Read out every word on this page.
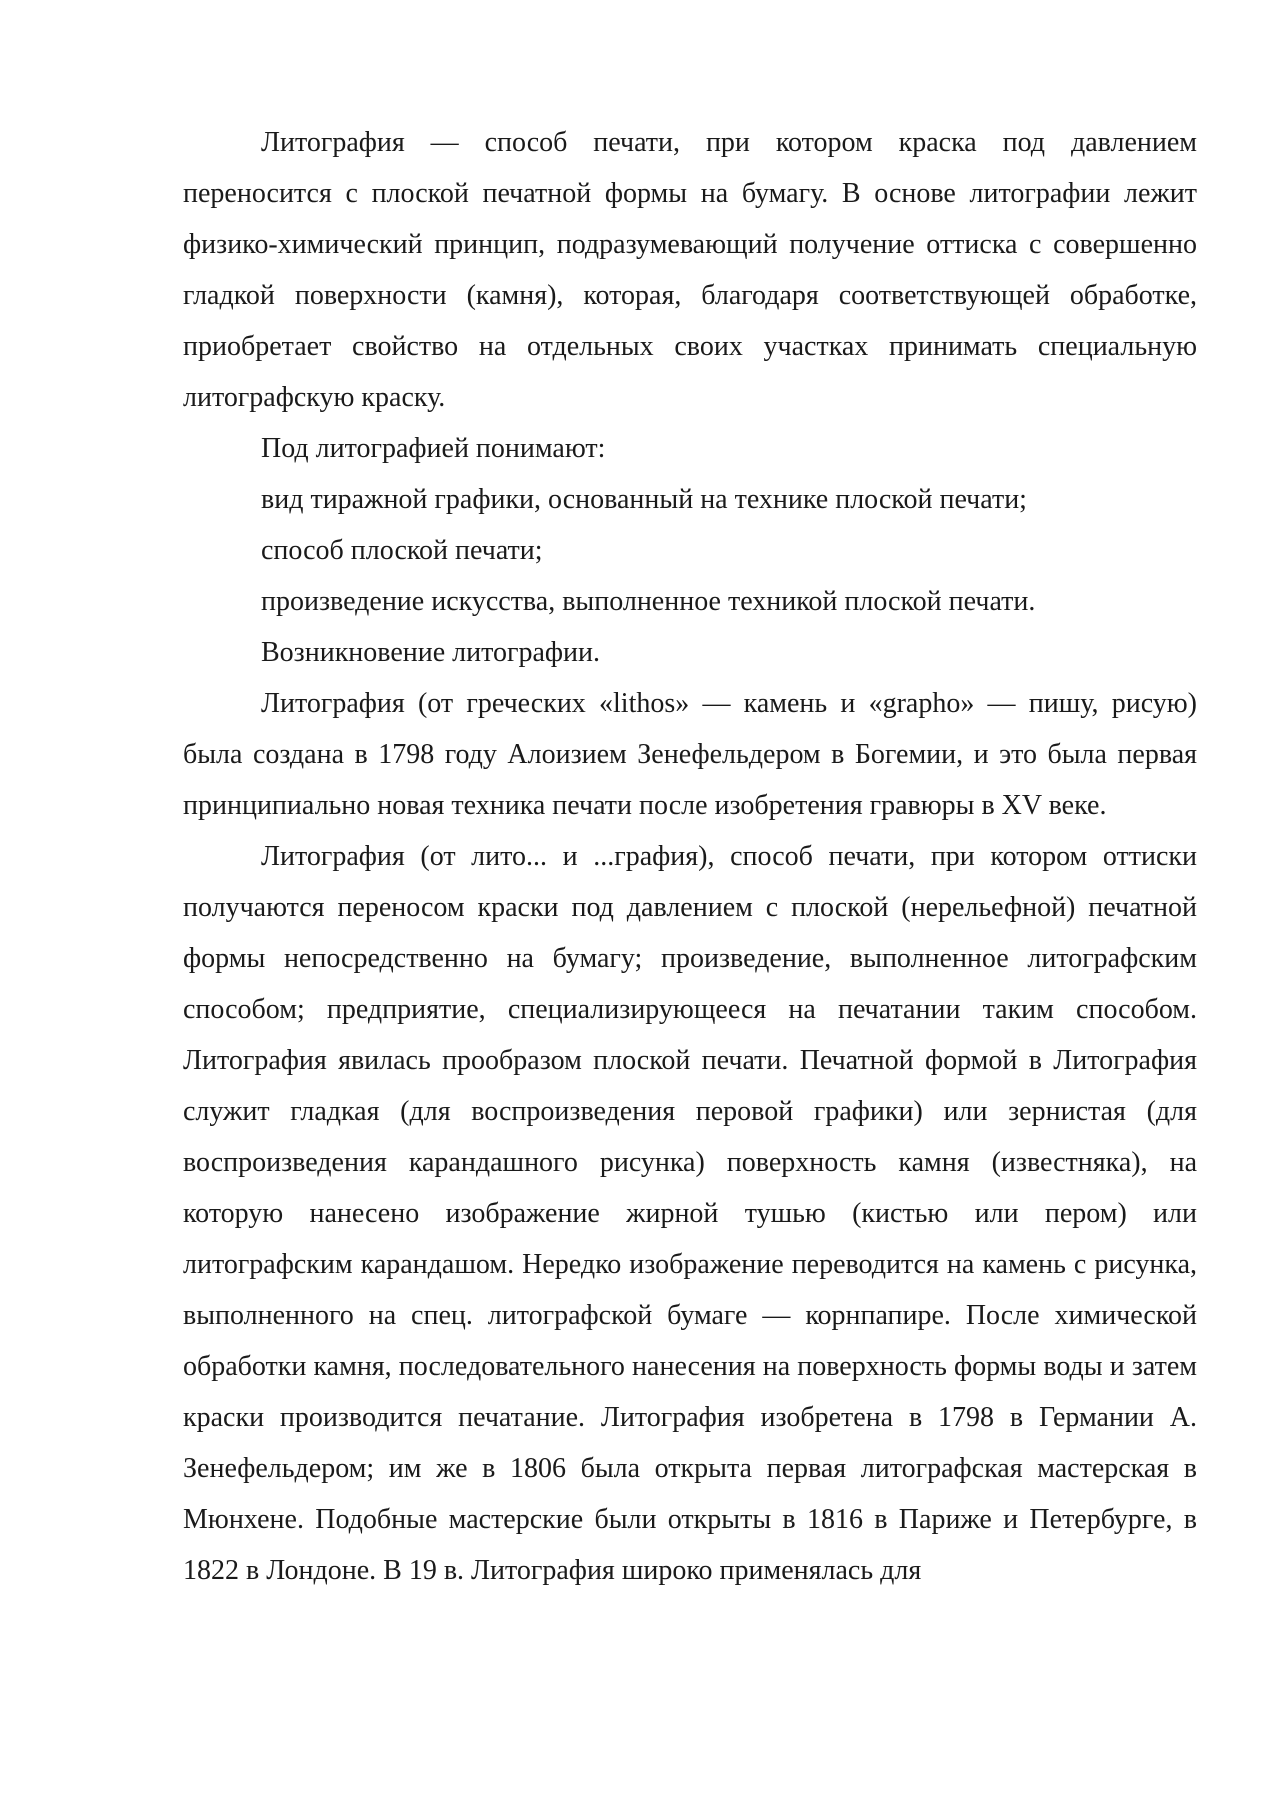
Литография — способ печати, при котором краска под давлением переносится с плоской печатной формы на бумагу. В основе литографии лежит физико-химический принцип, подразумевающий получение оттиска с совершенно гладкой поверхности (камня), которая, благодаря соответствующей обработке, приобретает свойство на отдельных своих участках принимать специальную литографскую краску.

Под литографией понимают:

вид тиражной графики, основанный на технике плоской печати;

способ плоской печати;

произведение искусства, выполненное техникой плоской печати.

Возникновение литографии.

Литография (от греческих «lithos» — камень и «grapho» — пишу, рисую) была создана в 1798 году Алоизием Зенефельдером в Богемии, и это была первая принципиально новая техника печати после изобретения гравюры в XV веке.

Литография (от лито... и ...графия), способ печати, при котором оттиски получаются переносом краски под давлением с плоской (нерельефной) печатной формы непосредственно на бумагу; произведение, выполненное литографским способом; предприятие, специализирующееся на печатании таким способом. Литография явилась прообразом плоской печати. Печатной формой в Литография служит гладкая (для воспроизведения перовой графики) или зернистая (для воспроизведения карандашного рисунка) поверхность камня (известняка), на которую нанесено изображение жирной тушью (кистью или пером) или литографским карандашом. Нередко изображение переводится на камень с рисунка, выполненного на спец. литографской бумаге — корнпапире. После химической обработки камня, последовательного нанесения на поверхность формы воды и затем краски производится печатание. Литография изобретена в 1798 в Германии А. Зенефельдером; им же в 1806 была открыта первая литографская мастерская в Мюнхене. Подобные мастерские были открыты в 1816 в Париже и Петербурге, в 1822 в Лондоне. В 19 в. Литография широко применялась для
